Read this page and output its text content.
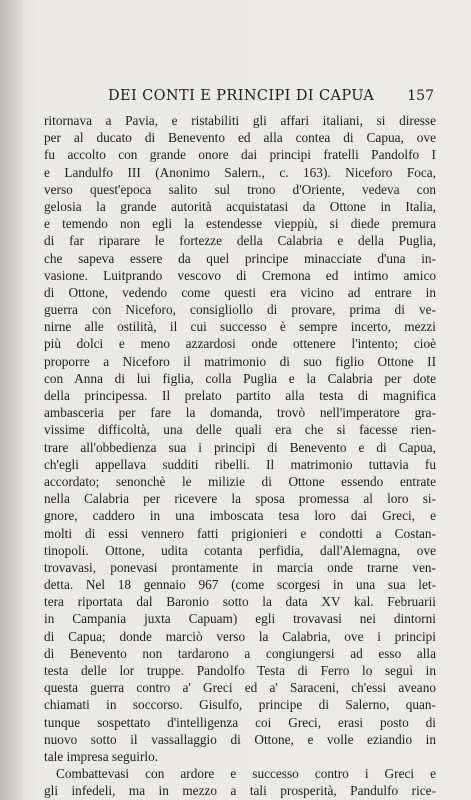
DEI CONTI E PRINCIPI DI CAPUA 157
ritornava a Pavia, e ristabiliti gli affari italiani, si diresse
per al ducato di Benevento ed alla contea di Capua, ove
fu accolto con grande onore dai principi fratelli Pandolfo I
e Landulfo III (Anonimo Salern., c. 163). Niceforo Foca,
verso quest'epoca salito sul trono d'Oriente, vedeva con
gelosia la grande autorità acquistatasi da Ottone in Italia,
e temendo non egli la estendesse vieppiù, si diede premura
di far riparare le fortezze della Calabria e della Puglia,
che sapeva essere da quel principe minacciate d'una in-
vasione. Luitprando vescovo di Cremona ed intimo amico
di Ottone, vedendo come questi era vicino ad entrare in
guerra con Niceforo, consigliollo di provare, prima di ve-
nirne alle ostilità, il cui successo è sempre incerto, mezzi
più dolci e meno azzardosi onde ottenere l'intento; cioè
proporre a Niceforo il matrimonio di suo figlio Ottone II
con Anna di lui figlia, colla Puglia e la Calabria per dote
della principessa. Il prelato partito alla testa di magnifica
ambasceria per fare la domanda, trovò nell'imperatore gra-
vissime difficoltà, una delle quali era che si facesse rien-
trare all'obbedienza sua i principi di Benevento e di Capua,
ch'egli appellava sudditi ribelli. Il matrimonio tuttavia fu
accordato; senonchè le milizie di Ottone essendo entrate
nella Calabria per ricevere la sposa promessa al loro si-
gnore, caddero in una imboscata tesa loro dai Greci, e
molti di essi vennero fatti prigionieri e condotti a Costan-
tinopoli. Ottone, udita cotanta perfidia, dall'Alemagna, ove
trovavasi, ponevasi prontamente in marcia onde trarne ven-
detta. Nel 18 gennaio 967 (come scorgesi in una sua let-
tera riportata dal Baronio sotto la data XV kal. Februarii
in Campania juxta Capuam) egli trovavasi nei dintorni
di Capua; donde marciò verso la Calabria, ove i principi
di Benevento non tardarono a congiungersi ad esso alla
testa delle lor truppe. Pandolfo Testa di Ferro lo seguì in
questa guerra contro a' Greci ed a' Saraceni, ch'essi aveano
chiamati in soccorso. Gisulfo, principe di Salerno, quan-
tunque sospettato d'intelligenza coi Greci, erasi posto di
nuovo sotto il vassallaggio di Ottone, e volle eziandio in
tale impresa seguirlo.
Combattevasi con ardore e successo contro i Greci e
gli infedeli, ma in mezzo a tali prosperità, Pandulfo rice-
